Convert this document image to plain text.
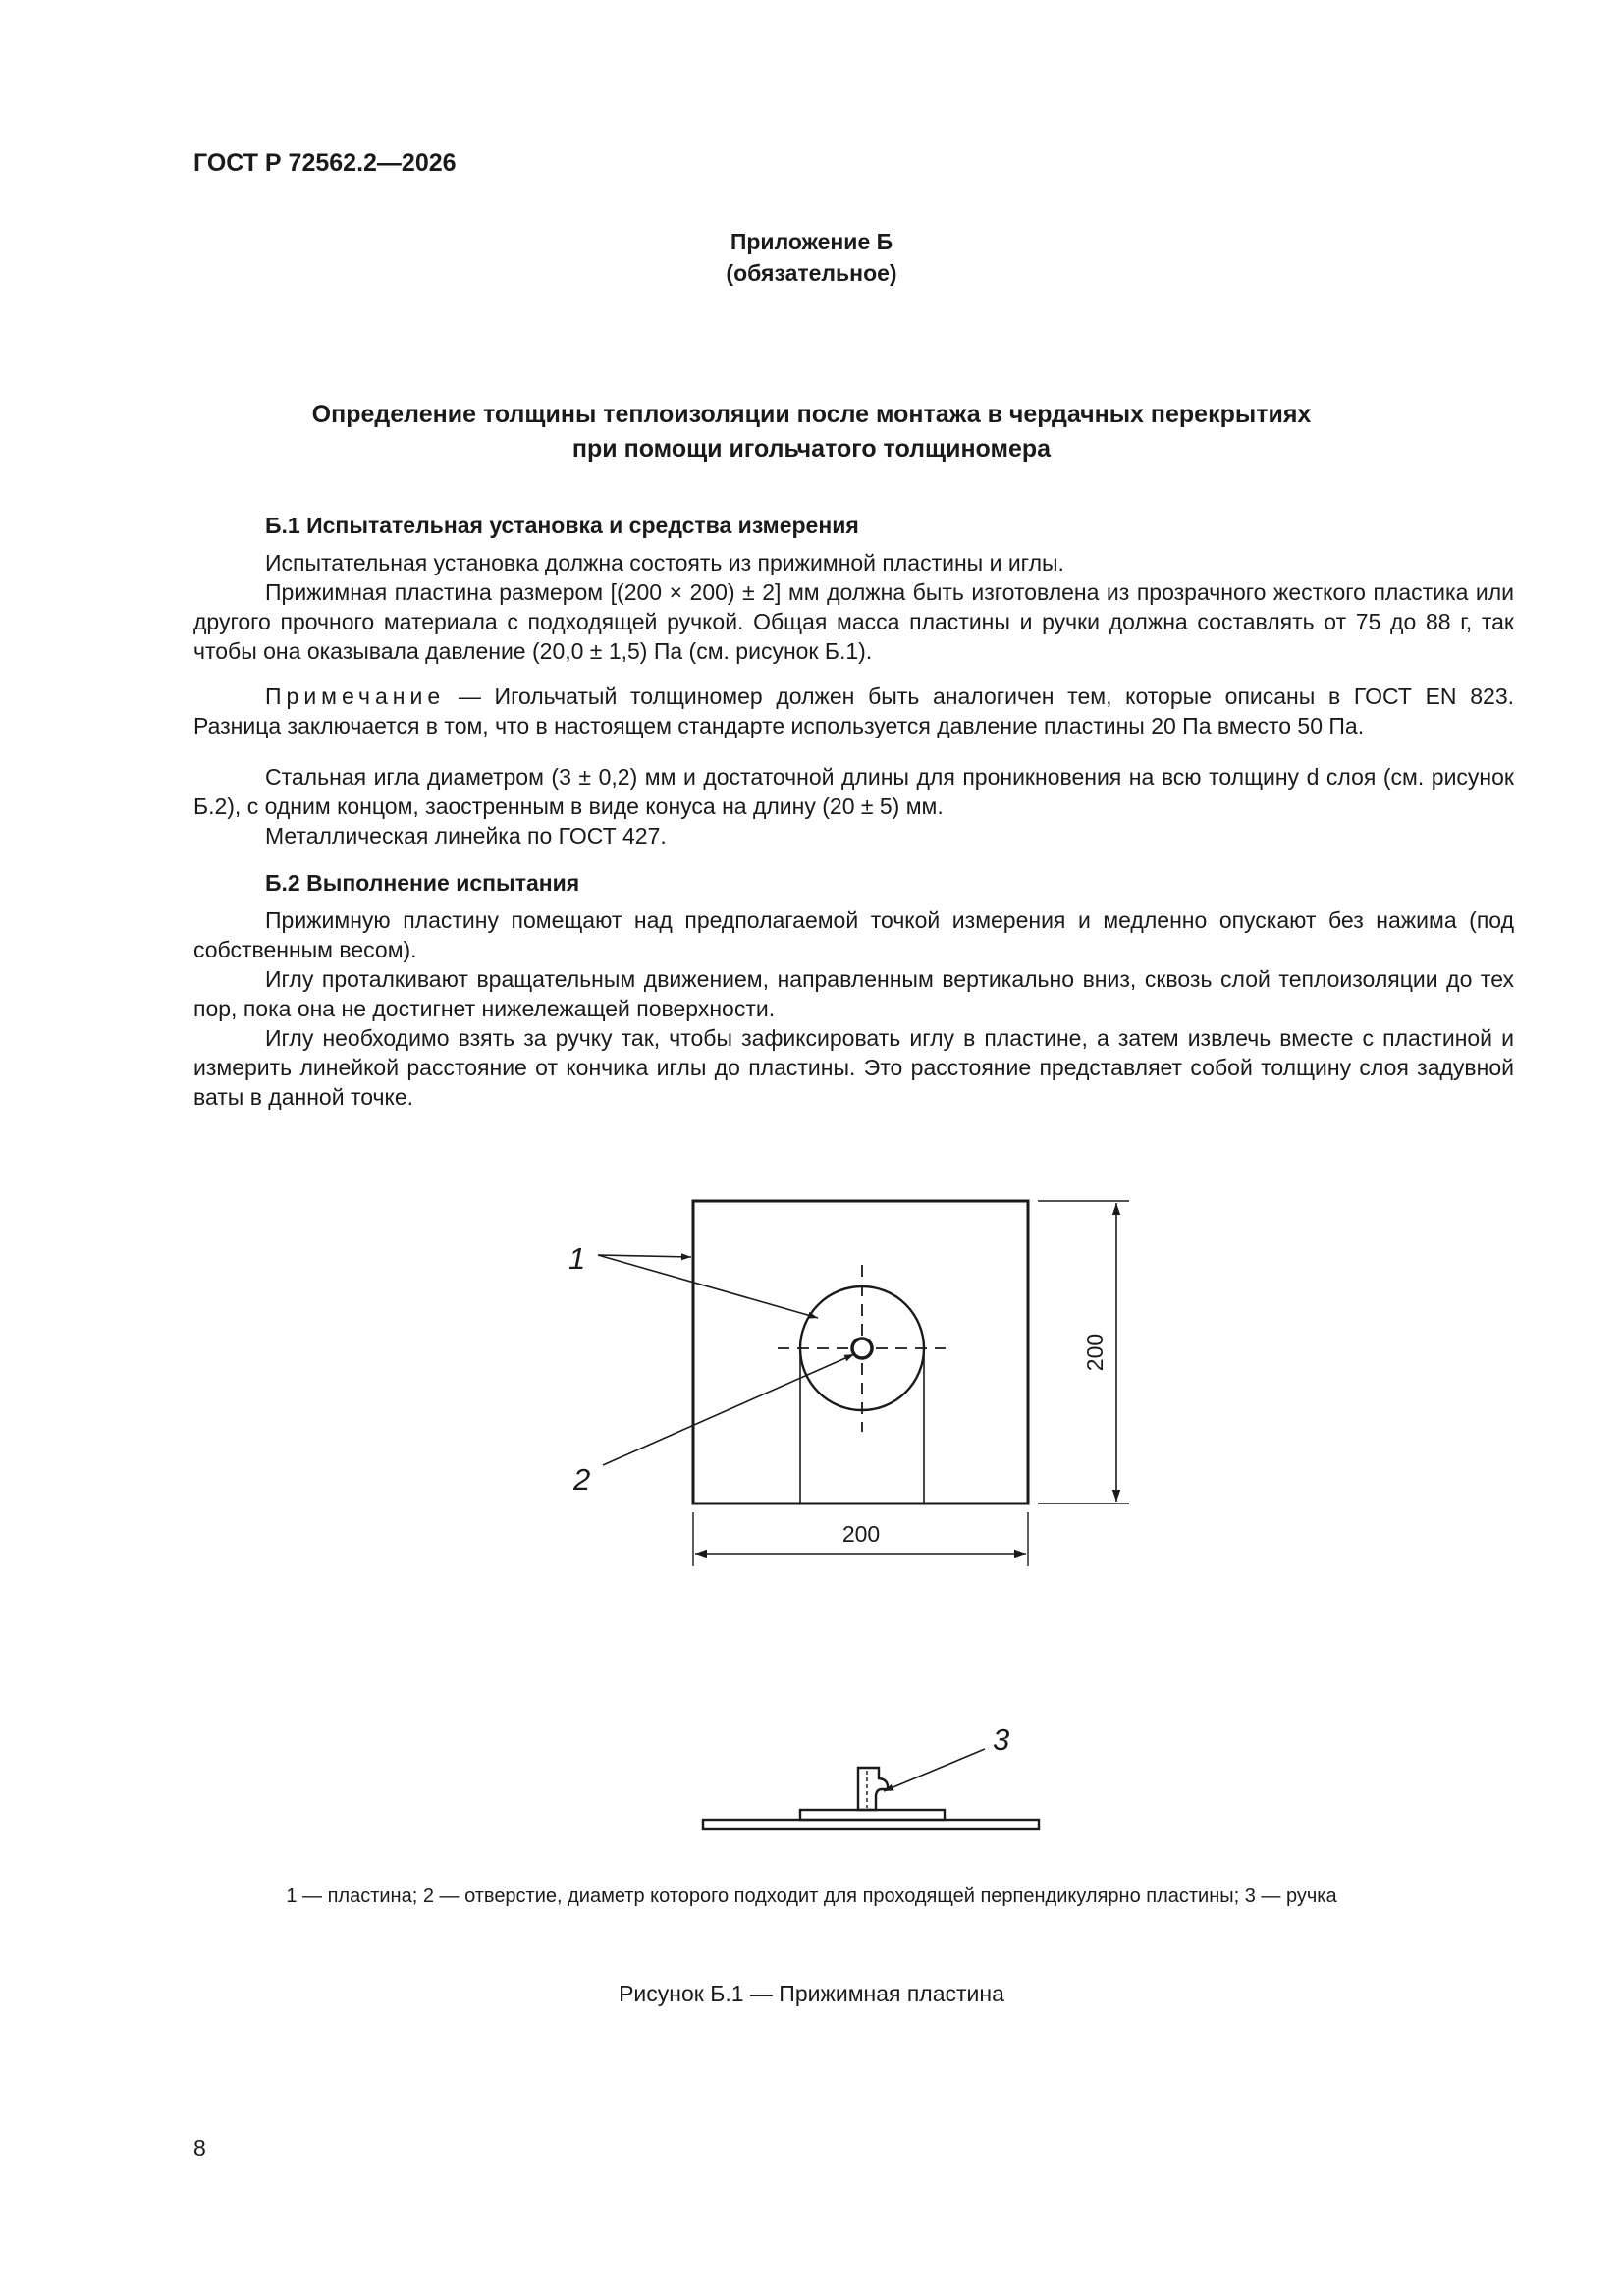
ГОСТ Р 72562.2—2026
Приложение Б
(обязательное)
Определение толщины теплоизоляции после монтажа в чердачных перекрытиях
при помощи игольчатого толщиномера
Б.1 Испытательная установка и средства измерения
Испытательная установка должна состоять из прижимной пластины и иглы.
Прижимная пластина размером [(200 × 200) ± 2] мм должна быть изготовлена из прозрачного жесткого пластика или другого прочного материала с подходящей ручкой. Общая масса пластины и ручки должна составлять от 75 до 88 г, так чтобы она оказывала давление (20,0 ± 1,5) Па (см. рисунок Б.1).
Примечание — Игольчатый толщиномер должен быть аналогичен тем, которые описаны в ГОСТ EN 823. Разница заключается в том, что в настоящем стандарте используется давление пластины 20 Па вместо 50 Па.
Стальная игла диаметром (3 ± 0,2) мм и достаточной длины для проникновения на всю толщину d слоя (см. рисунок Б.2), с одним концом, заостренным в виде конуса на длину (20 ± 5) мм.
Металлическая линейка по ГОСТ 427.
Б.2 Выполнение испытания
Прижимную пластину помещают над предполагаемой точкой измерения и медленно опускают без нажима (под собственным весом).
Иглу проталкивают вращательным движением, направленным вертикально вниз, сквозь слой теплоизоляции до тех пор, пока она не достигнет нижележащей поверхности.
Иглу необходимо взять за ручку так, чтобы зафиксировать иглу в пластине, а затем извлечь вместе с пластиной и измерить линейкой расстояние от кончика иглы до пластины. Это расстояние представляет собой толщину слоя задувной ваты в данной точке.
1
2
3
200
200
1 — пластина; 2 — отверстие, диаметр которого подходит для проходящей перпендикулярно пластины; 3 — ручка
Рисунок Б.1 — Прижимная пластина
8
